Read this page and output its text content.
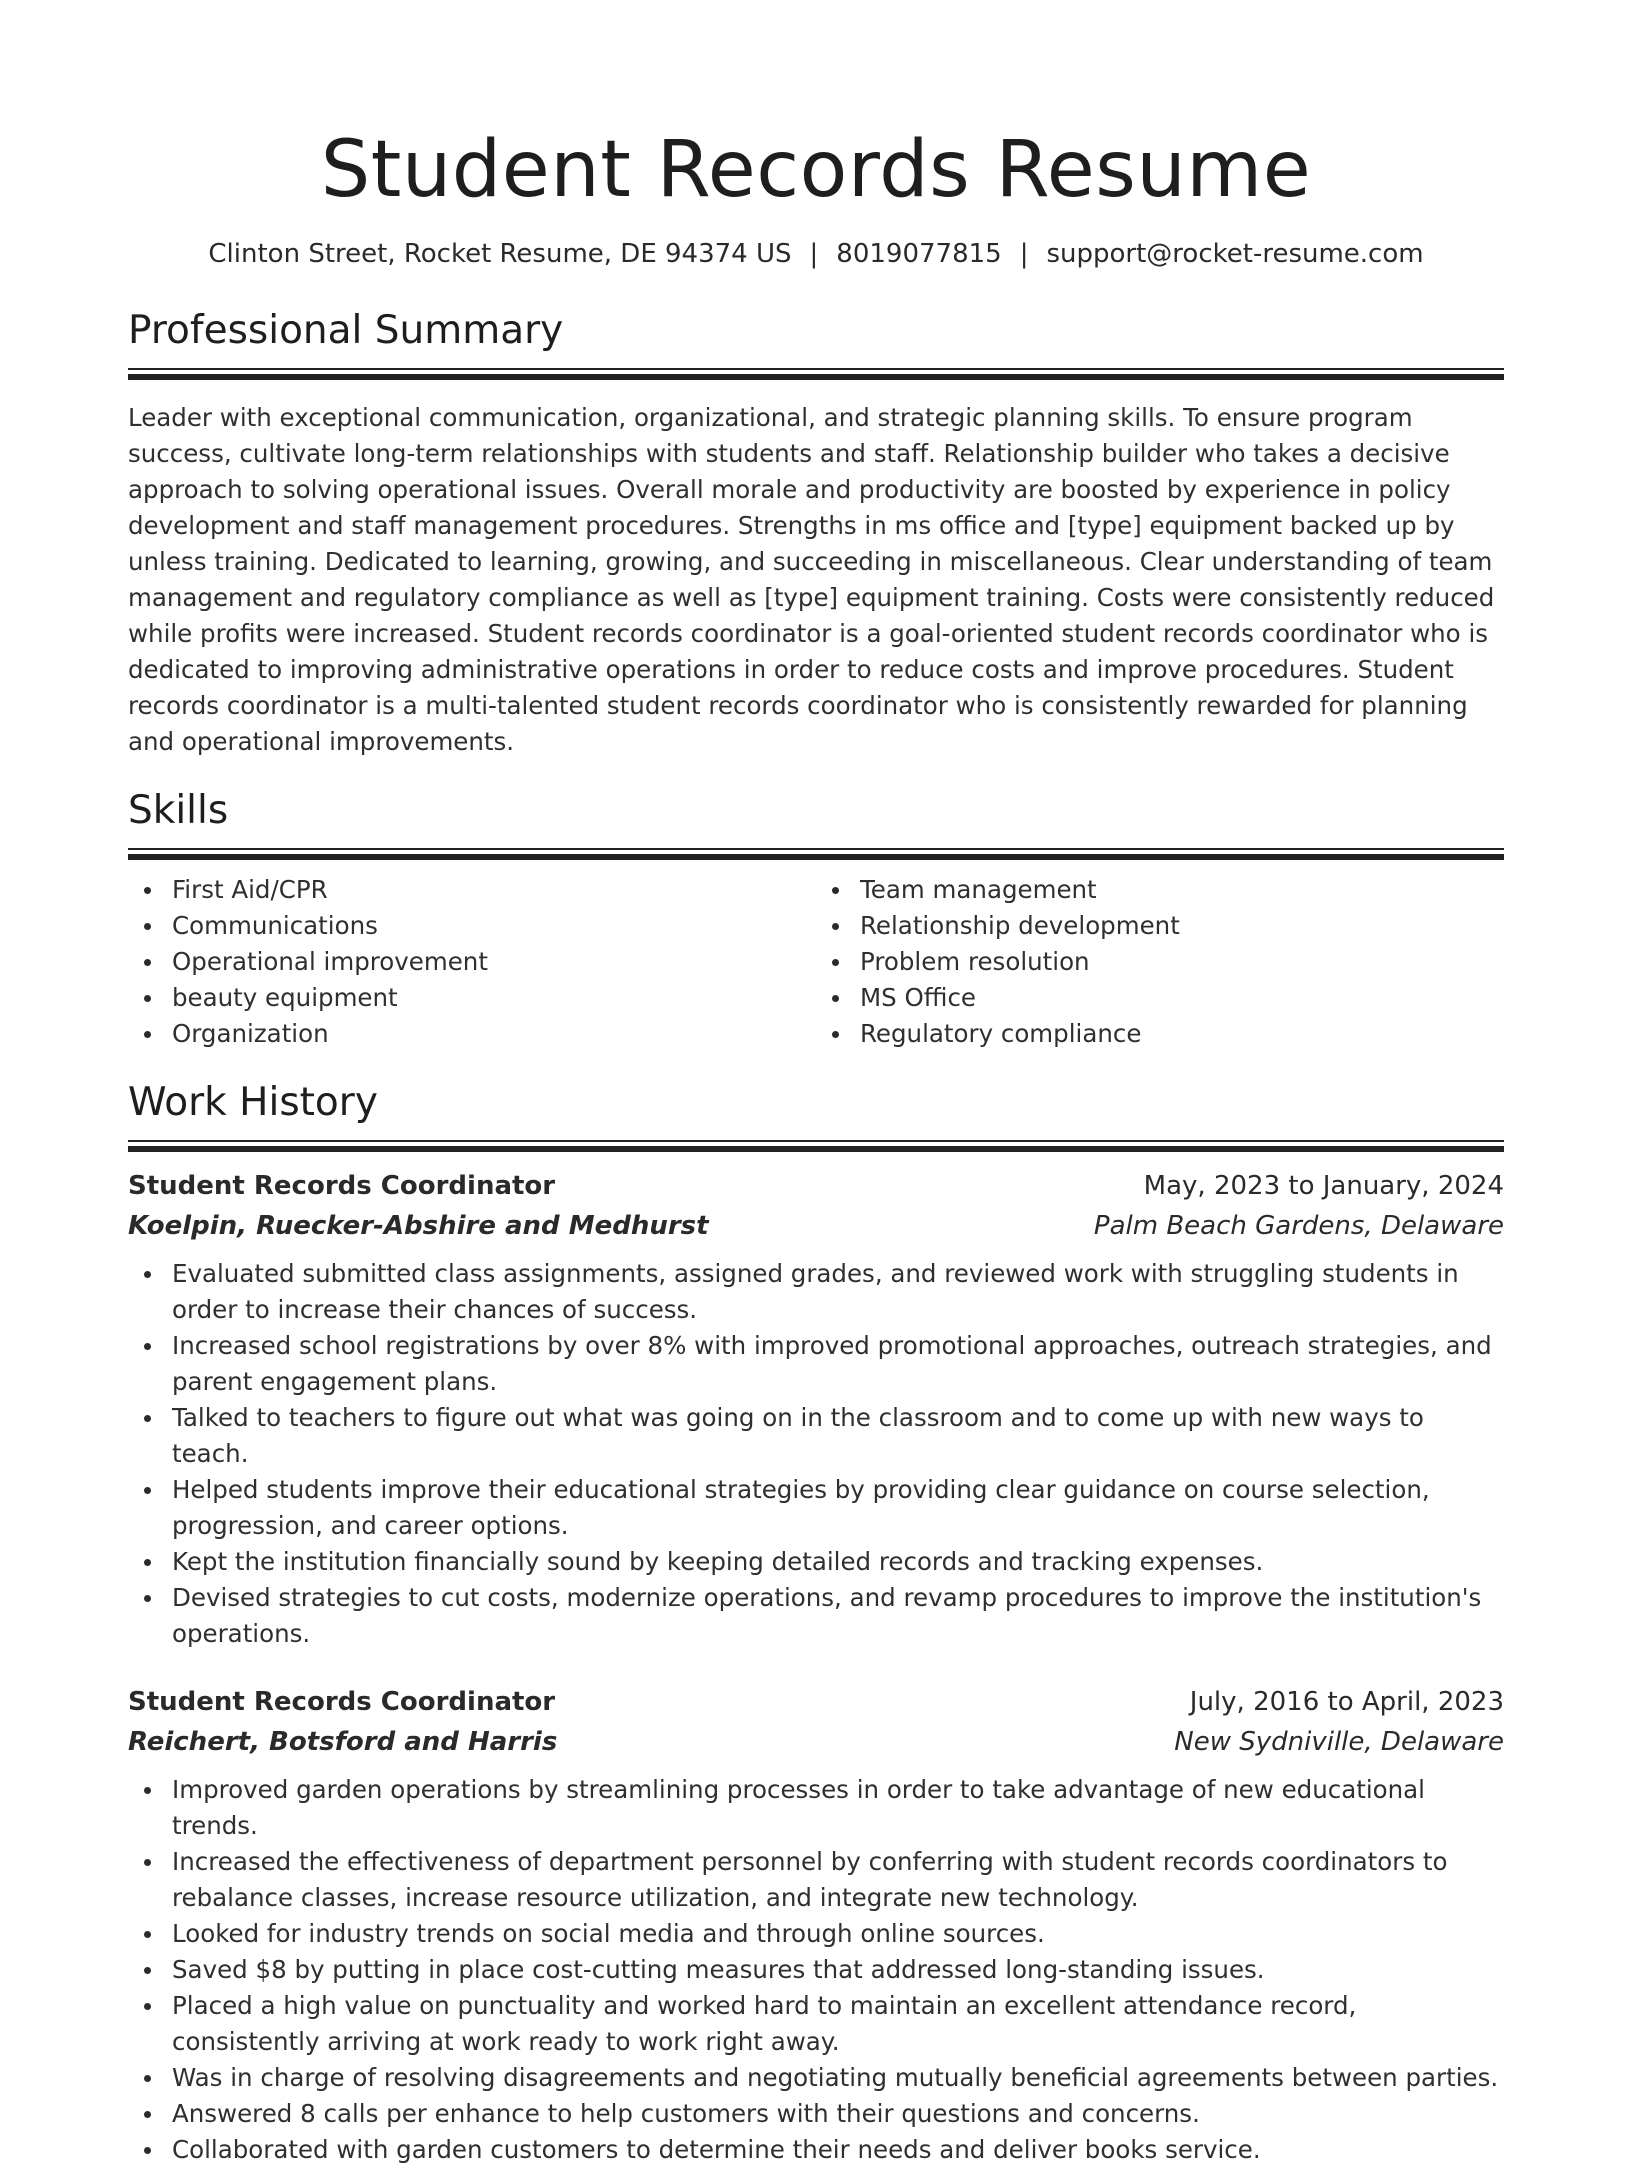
Student Records Resume
Clinton Street, Rocket Resume, DE 94374 US | 8019077815 | support@rocket-resume.com
Professional Summary

Leader with exceptional communication, organizational, and strategic planning skills. To ensure program success, cultivate long-term relationships with students and staff. Relationship builder who takes a decisive approach to solving operational issues. Overall morale and productivity are boosted by experience in policy development and staff management procedures. Strengths in ms office and [type] equipment backed up by unless training. Dedicated to learning, growing, and succeeding in miscellaneous. Clear understanding of team management and regulatory compliance as well as [type] equipment training. Costs were consistently reduced while profits were increased. Student records coordinator is a goal-oriented student records coordinator who is dedicated to improving administrative operations in order to reduce costs and improve procedures. Student records coordinator is a multi-talented student records coordinator who is consistently rewarded for planning and operational improvements.

Skills
First Aid/CPR
Communications
Operational improvement
beauty equipment
Organization
Team management
Relationship development
Problem resolution
MS Office
Regulatory compliance
Work History
Student Records Coordinator	May, 2023 to January, 2024
Koelpin, Ruecker-Abshire and Medhurst	Palm Beach Gardens, Delaware
Evaluated submitted class assignments, assigned grades, and reviewed work with struggling students in order to increase their chances of success.
Increased school registrations by over 8% with improved promotional approaches, outreach strategies, and parent engagement plans.
Talked to teachers to figure out what was going on in the classroom and to come up with new ways to teach.
Helped students improve their educational strategies by providing clear guidance on course selection, progression, and career options.
Kept the institution financially sound by keeping detailed records and tracking expenses.
Devised strategies to cut costs, modernize operations, and revamp procedures to improve the institution's operations.
Student Records Coordinator	July, 2016 to April, 2023
Reichert, Botsford and Harris	New Sydniville, Delaware
Improved garden operations by streamlining processes in order to take advantage of new educational trends.
Increased the effectiveness of department personnel by conferring with student records coordinators to rebalance classes, increase resource utilization, and integrate new technology.
Looked for industry trends on social media and through online sources.
Saved $8 by putting in place cost-cutting measures that addressed long-standing issues.
Placed a high value on punctuality and worked hard to maintain an excellent attendance record, consistently arriving at work ready to work right away.
Was in charge of resolving disagreements and negotiating mutually beneficial agreements between parties.
Answered 8 calls per enhance to help customers with their questions and concerns.
Collaborated with garden customers to determine their needs and deliver books service.
